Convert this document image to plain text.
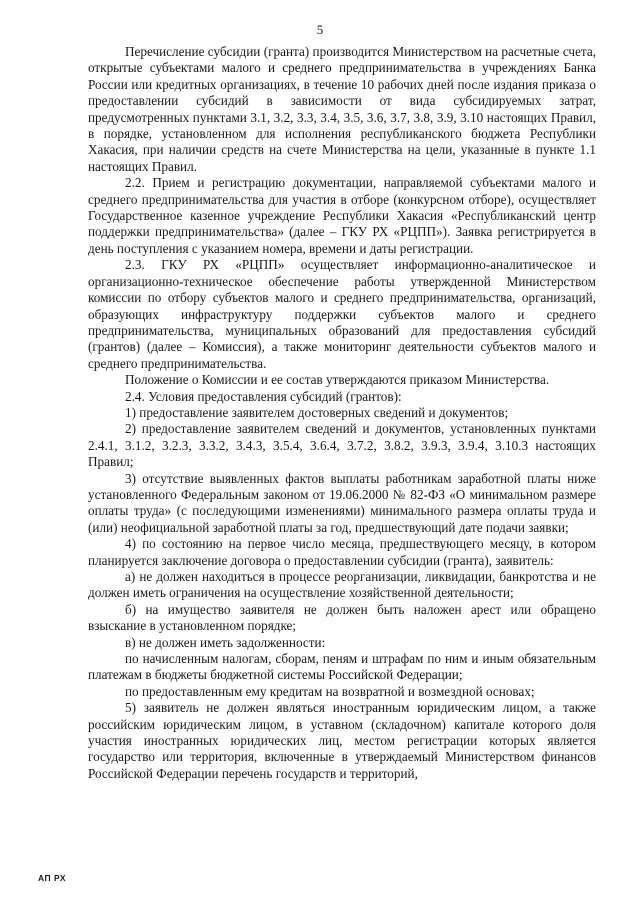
5

Перечисление субсидии (гранта) производится Министерством на расчетные счета, открытые субъектами малого и среднего предпринимательства в учреждениях Банка России или кредитных организациях, в течение 10 рабочих дней после издания приказа о предоставлении субсидий в зависимости от вида субсидируемых затрат, предусмотренных пунктами 3.1, 3.2, 3.3, 3.4, 3.5, 3.6, 3.7, 3.8, 3.9, 3.10 настоящих Правил, в порядке, установленном для исполнения республиканского бюджета Республики Хакасия, при наличии средств на счете Министерства на цели, указанные в пункте 1.1 настоящих Правил.

2.2. Прием и регистрацию документации, направляемой субъектами малого и среднего предпринимательства для участия в отборе (конкурсном отборе), осуществляет Государственное казенное учреждение Республики Хакасия «Республиканский центр поддержки предпринимательства» (далее – ГКУ РХ «РЦПП»). Заявка регистрируется в день поступления с указанием номера, времени и даты регистрации.

2.3. ГКУ РХ «РЦПП» осуществляет информационно-аналитическое и организационно-техническое обеспечение работы утвержденной Министерством комиссии по отбору субъектов малого и среднего предпринимательства, организаций, образующих инфраструктуру поддержки субъектов малого и среднего предпринимательства, муниципальных образований для предоставления субсидий (грантов) (далее – Комиссия), а также мониторинг деятельности субъектов малого и среднего предпринимательства.

Положение о Комиссии и ее состав утверждаются приказом Министерства.

2.4. Условия предоставления субсидий (грантов):

1) предоставление заявителем достоверных сведений и документов;

2) предоставление заявителем сведений и документов, установленных пунктами 2.4.1, 3.1.2, 3.2.3, 3.3.2, 3.4.3, 3.5.4, 3.6.4, 3.7.2, 3.8.2, 3.9.3, 3.9.4, 3.10.3 настоящих Правил;

3) отсутствие выявленных фактов выплаты работникам заработной платы ниже установленного Федеральным законом от 19.06.2000 № 82-ФЗ «О минимальном размере оплаты труда» (с последующими изменениями) минимального размера оплаты труда и (или) неофициальной заработной платы за год, предшествующий дате подачи заявки;

4) по состоянию на первое число месяца, предшествующего месяцу, в котором планируется заключение договора о предоставлении субсидии (гранта), заявитель:

а) не должен находиться в процессе реорганизации, ликвидации, банкротства и не должен иметь ограничения на осуществление хозяйственной деятельности;

б) на имущество заявителя не должен быть наложен арест или обращено взыскание в установленном порядке;

в) не должен иметь задолженности:

по начисленным налогам, сборам, пеням и штрафам по ним и иным обязательным платежам в бюджеты бюджетной системы Российской Федерации;

по предоставленным ему кредитам на возвратной и возмездной основах;

5) заявитель не должен являться иностранным юридическим лицом, а также российским юридическим лицом, в уставном (складочном) капитале которого доля участия иностранных юридических лиц, местом регистрации которых является государство или территория, включенные в утверждаемый Министерством финансов Российской Федерации перечень государств и территорий,

АП РХ
